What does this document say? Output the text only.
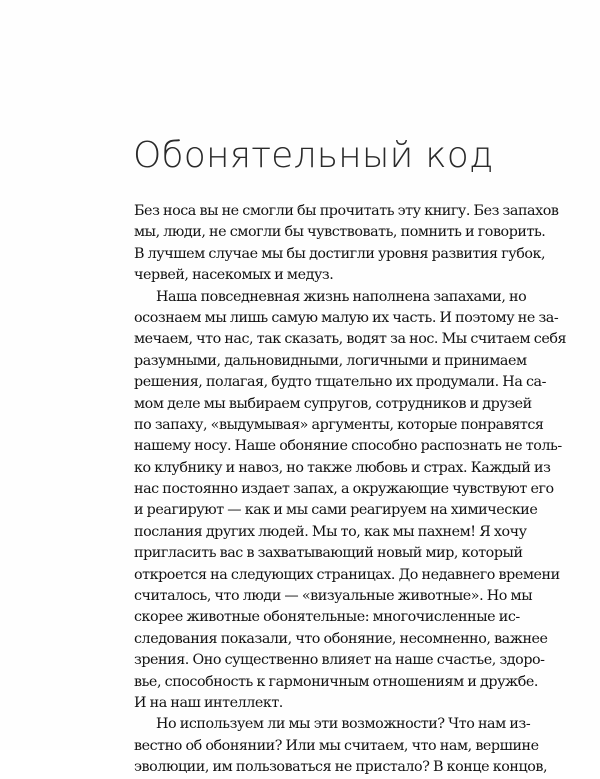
Обонятельный код
Без носа вы не смогли бы прочитать эту книгу. Без запахов
мы, люди, не смогли бы чувствовать, помнить и говорить.
В лучшем случае мы бы достигли уровня развития губок,
червей, насекомых и медуз.
Наша повседневная жизнь наполнена запахами, но
осознаем мы лишь самую малую их часть. И поэтому не за-
мечаем, что нас, так сказать, водят за нос. Мы считаем себя
разумными, дальновидными, логичными и принимаем
решения, полагая, будто тщательно их продумали. На са-
мом деле мы выбираем супругов, сотрудников и друзей
по запаху, «выдумывая» аргументы, которые понравятся
нашему носу. Наше обоняние способно распознать не толь-
ко клубнику и навоз, но также любовь и страх. Каждый из
нас постоянно издает запах, а окружающие чувствуют его
и реагируют — как и мы сами реагируем на химические
послания других людей. Мы то, как мы пахнем! Я хочу
пригласить вас в захватывающий новый мир, который
откроется на следующих страницах. До недавнего времени
считалось, что люди — «визуальные животные». Но мы
скорее животные обонятельные: многочисленные ис-
следования показали, что обоняние, несомненно, важнее
зрения. Оно существенно влияет на наше счастье, здоро-
вье, способность к гармоничным отношениям и дружбе.
И на наш интеллект.
Но используем ли мы эти возможности? Что нам из-
вестно об обонянии? Или мы считаем, что нам, вершине
эволюции, им пользоваться не пристало? В конце концов,
